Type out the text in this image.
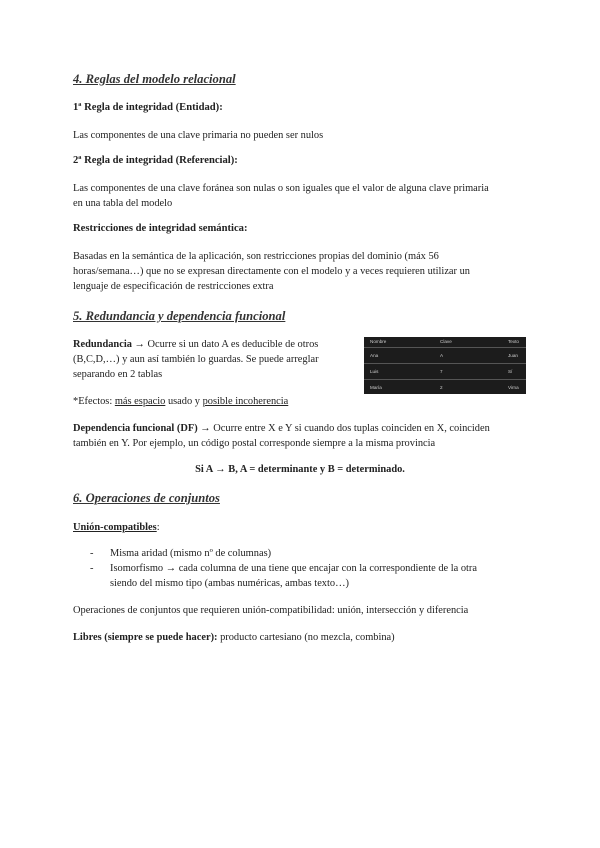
4. Reglas del modelo relacional
1ª Regla de integridad (Entidad):

Las componentes de una clave primaria no pueden ser nulos

2ª Regla de integridad (Referencial):

Las componentes de una clave foránea son nulas o son iguales que el valor de alguna clave primaria

en una tabla del modelo

Restricciones de integridad semántica:

Basadas en la semántica de la aplicación, son restricciones propias del dominio (máx 56

horas/semana…) que no se expresan directamente con el modelo y a veces requieren utilizar un

lenguaje de especificación de restricciones extra

5. Redundancia y dependencia funcional

Redundancia → Ocurre si un dato A es deducible de otros

(B,C,D,…) y aun así también lo guardas. Se puede arreglar

separando en 2 tablas

Nombre	Clave	Texto
Ana	A	Juan
Luis	7	Sí
María	2	Virna

*Efectos: más espacio usado y posible incoherencia

Dependencia funcional (DF) → Ocurre entre X e Y si cuando dos tuplas coinciden en X, coinciden

también en Y. Por ejemplo, un código postal corresponde siempre a la misma provincia

Si A → B, A = determinante y B = determinado.

6. Operaciones de conjuntos

Unión-compatibles:

- Misma aridad (mismo nº de columnas)
- Isomorfismo → cada columna de una tiene que encajar con la correspondiente de la otra
siendo del mismo tipo (ambas numéricas, ambas texto…)

Operaciones de conjuntos que requieren unión-compatibilidad: unión, intersección y diferencia

Libres (siempre se puede hacer): producto cartesiano (no mezcla, combina)
